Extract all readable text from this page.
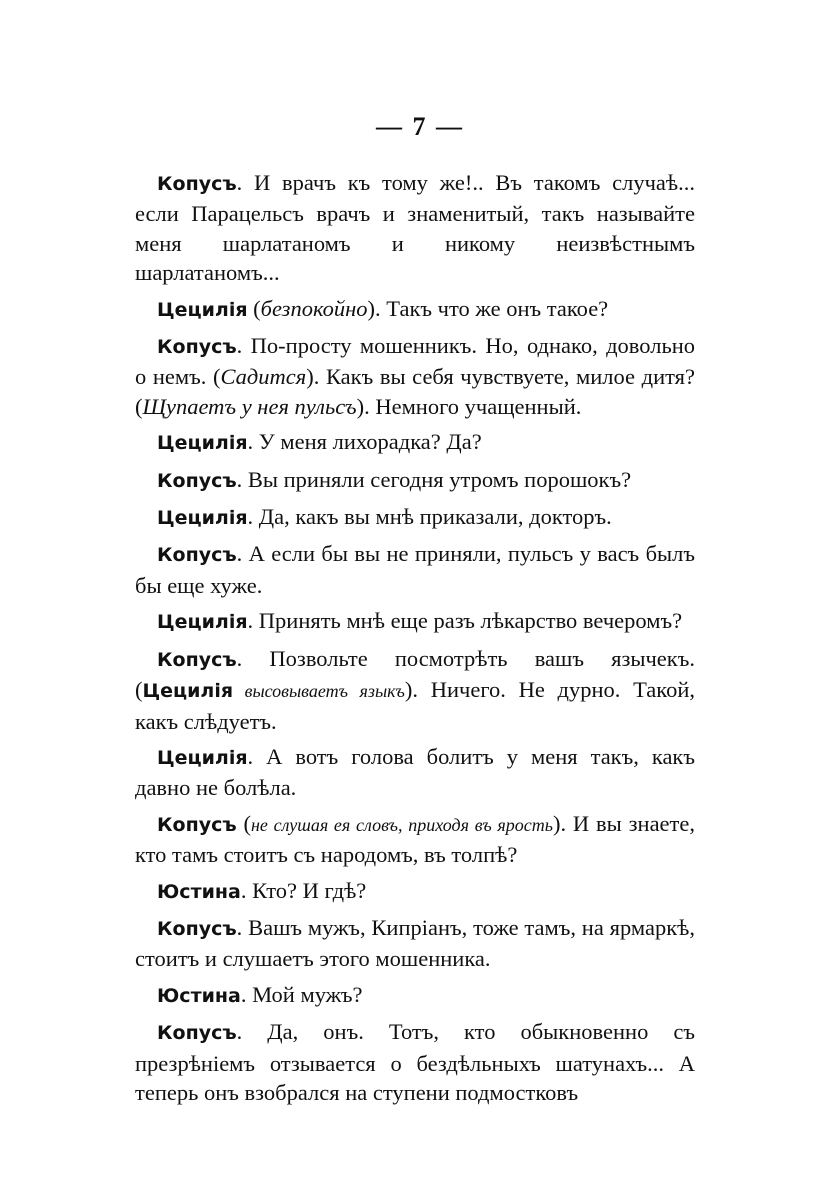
— 7 —

Копусъ. И врачъ къ тому же!.. Въ такомъ случаѣ... если Парацельсъ врачъ и знаменитый, такъ называйте меня шарлатаномъ и никому неизвѣстнымъ шарлатаномъ...

Цецилія (безпокойно). Такъ что же онъ такое?

Копусъ. По-просту мошенникъ. Но, однако, довольно о немъ. (Садится). Какъ вы себя чувствуете, милое дитя? (Щупаетъ у нея пульсъ). Немного учащенный.

Цецилія. У меня лихорадка? Да?

Копусъ. Вы приняли сегодня утромъ порошокъ?

Цецилія. Да, какъ вы мнѣ приказали, докторъ.

Копусъ. А если бы вы не приняли, пульсъ у васъ былъ бы еще хуже.

Цецилія. Принять мнѣ еще разъ лѣкарство вечеромъ?

Копусъ. Позвольте посмотрѣть вашъ язычекъ. (Цецилія высовываетъ языкъ). Ничего. Не дурно. Такой, какъ слѣдуетъ.

Цецилія. А вотъ голова болитъ у меня такъ, какъ давно не болѣла.

Копусъ (не слушая ея словъ, приходя въ ярость). И вы знаете, кто тамъ стоитъ съ народомъ, въ толпѣ?

Юстина. Кто? И гдѣ?

Копусъ. Вашъ мужъ, Кипріанъ, тоже тамъ, на ярмаркѣ, стоитъ и слушаетъ этого мошенника.

Юстина. Мой мужъ?

Копусъ. Да, онъ. Тотъ, кто обыкновенно съ презрѣніемъ отзывается о бездѣльныхъ шатунахъ... А теперь онъ взобрался на ступени подмостковъ
